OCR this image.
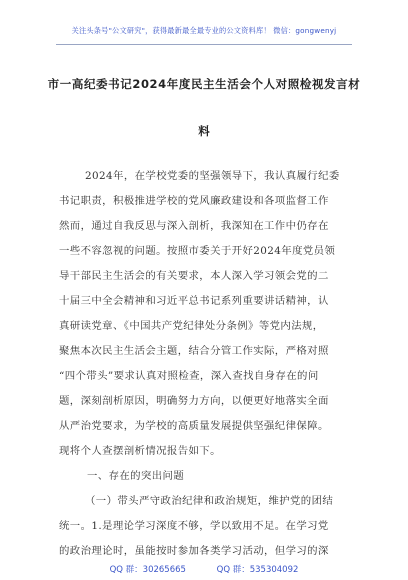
关注头条号"公文研究"，获得最新最全最专业的公文资料库！ 微信：gongwenyj
市一高纪委书记2024年度民主生活会个人对照检视发言材
料
2024年，在学校党委的坚强领导下，我认真履行纪委
书记职责，积极推进学校的党风廉政建设和各项监督工作
然而，通过自我反思与深入剖析，我深知在工作中仍存在
一些不容忽视的问题。按照市委关于开好2024年度党员领
导干部民主生活会的有关要求，本人深入学习领会党的二
十届三中全会精神和习近平总书记系列重要讲话精神，认
真研读党章、《中国共产党纪律处分条例》等党内法规，
聚焦本次民主生活会主题，结合分管工作实际，严格对照
“四个带头”要求认真对照检查，深入查找自身存在的问
题，深刻剖析原因，明确努力方向，以便更好地落实全面
从严治党要求，为学校的高质量发展提供坚强纪律保障。
现将个人查摆剖析情况报告如下。
一、存在的突出问题
（一）带头严守政治纪律和政治规矩，维护党的团结
统一。1.是理论学习深度不够，学以致用不足。在学习党
的政治理论时，虽能按时参加各类学习活动，但学习的深
QQ 群：30265665	QQ 群：535304092
